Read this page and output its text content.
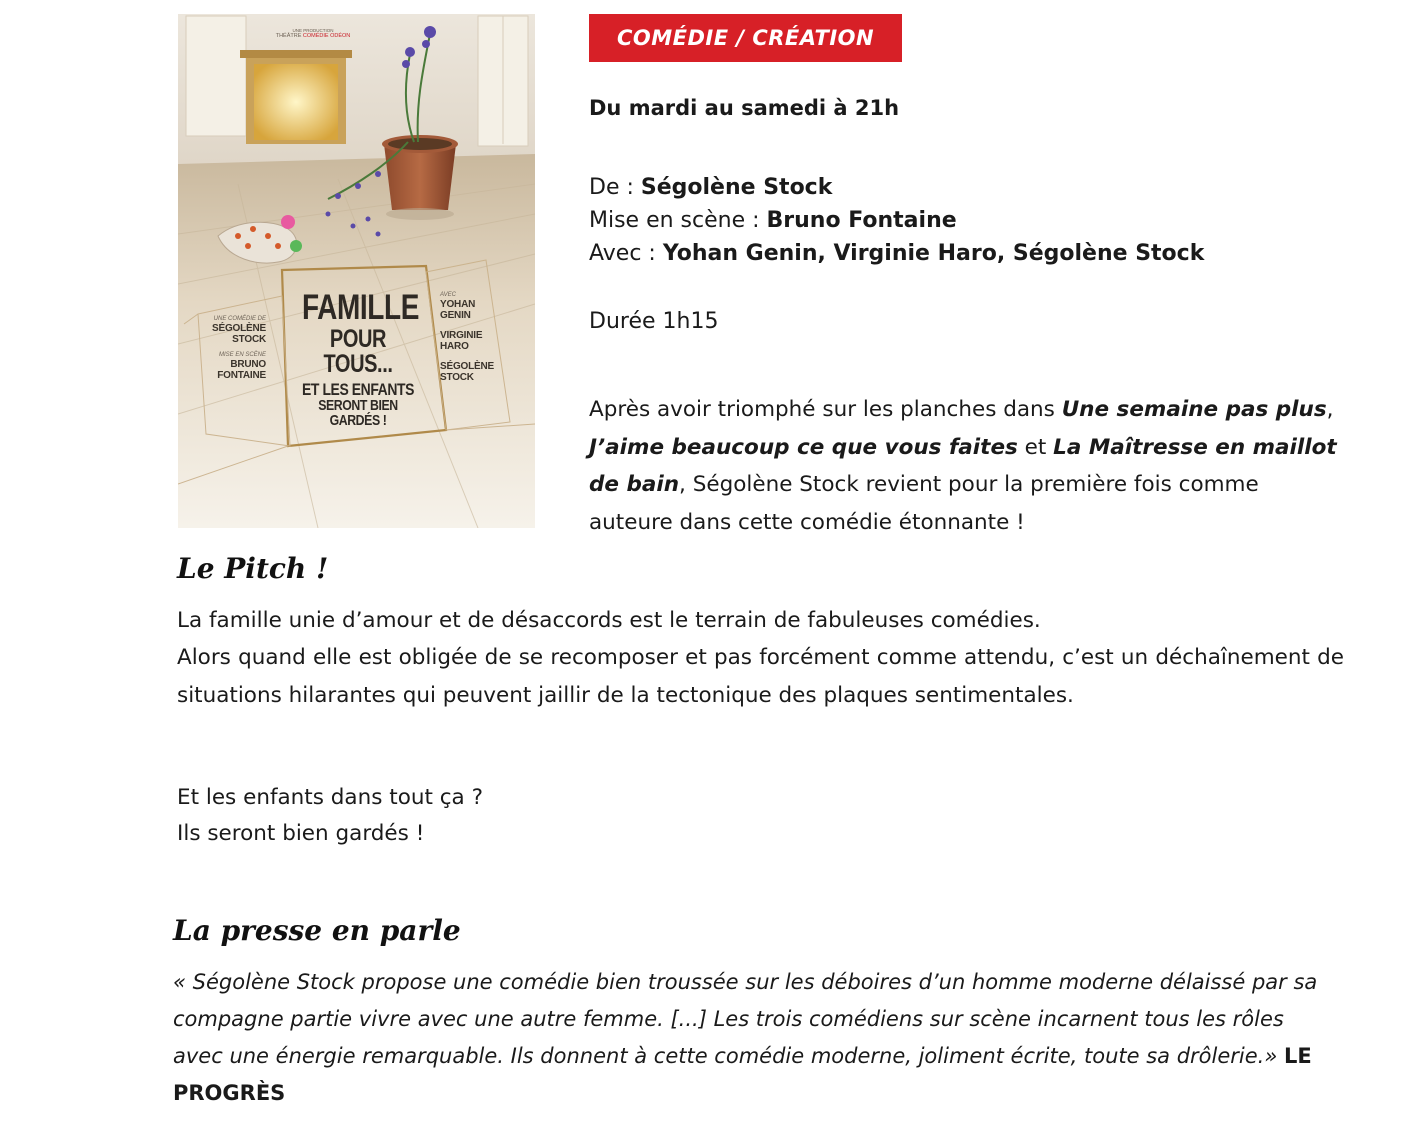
UNE PRODUCTION
THÉÂTRE COMÉDIE ODÉON
FAMILLE
POUR TOUS...
ET LES ENFANTS
SERONT BIEN
GARDÉS !
UNE COMÉDIE DE
SÉGOLÈNE
STOCK
MISE EN SCÈNE
BRUNO
FONTAINE
AVEC
YOHAN
GENIN
VIRGINIE
HARO
SÉGOLÈNE
STOCK
COMÉDIE / CRÉATION

Du mardi au samedi à 21h

De : Ségolène Stock
Mise en scène : Bruno Fontaine
Avec : Yohan Genin, Virginie Haro, Ségolène Stock

Durée 1h15

Après avoir triomphé sur les planches dans Une semaine pas plus, J’aime beaucoup ce que vous faites et La Maîtresse en maillot de bain, Ségolène Stock revient pour la première fois comme auteure dans cette comédie étonnante !

Le Pitch !

La famille unie d’amour et de désaccords est le terrain de fabuleuses comédies.
Alors quand elle est obligée de se recomposer et pas forcément comme attendu, c’est un déchaînement de situations hilarantes qui peuvent jaillir de la tectonique des plaques sentimentales.

Et les enfants dans tout ça ?
Ils seront bien gardés !

La presse en parle

« Ségolène Stock propose une comédie bien troussée sur les déboires d’un homme moderne délaissé par sa compagne partie vivre avec une autre femme. [...] Les trois comédiens sur scène incarnent tous les rôles avec une énergie remarquable. Ils donnent à cette comédie moderne, joliment écrite, toute sa drôlerie.» LE PROGRÈS
